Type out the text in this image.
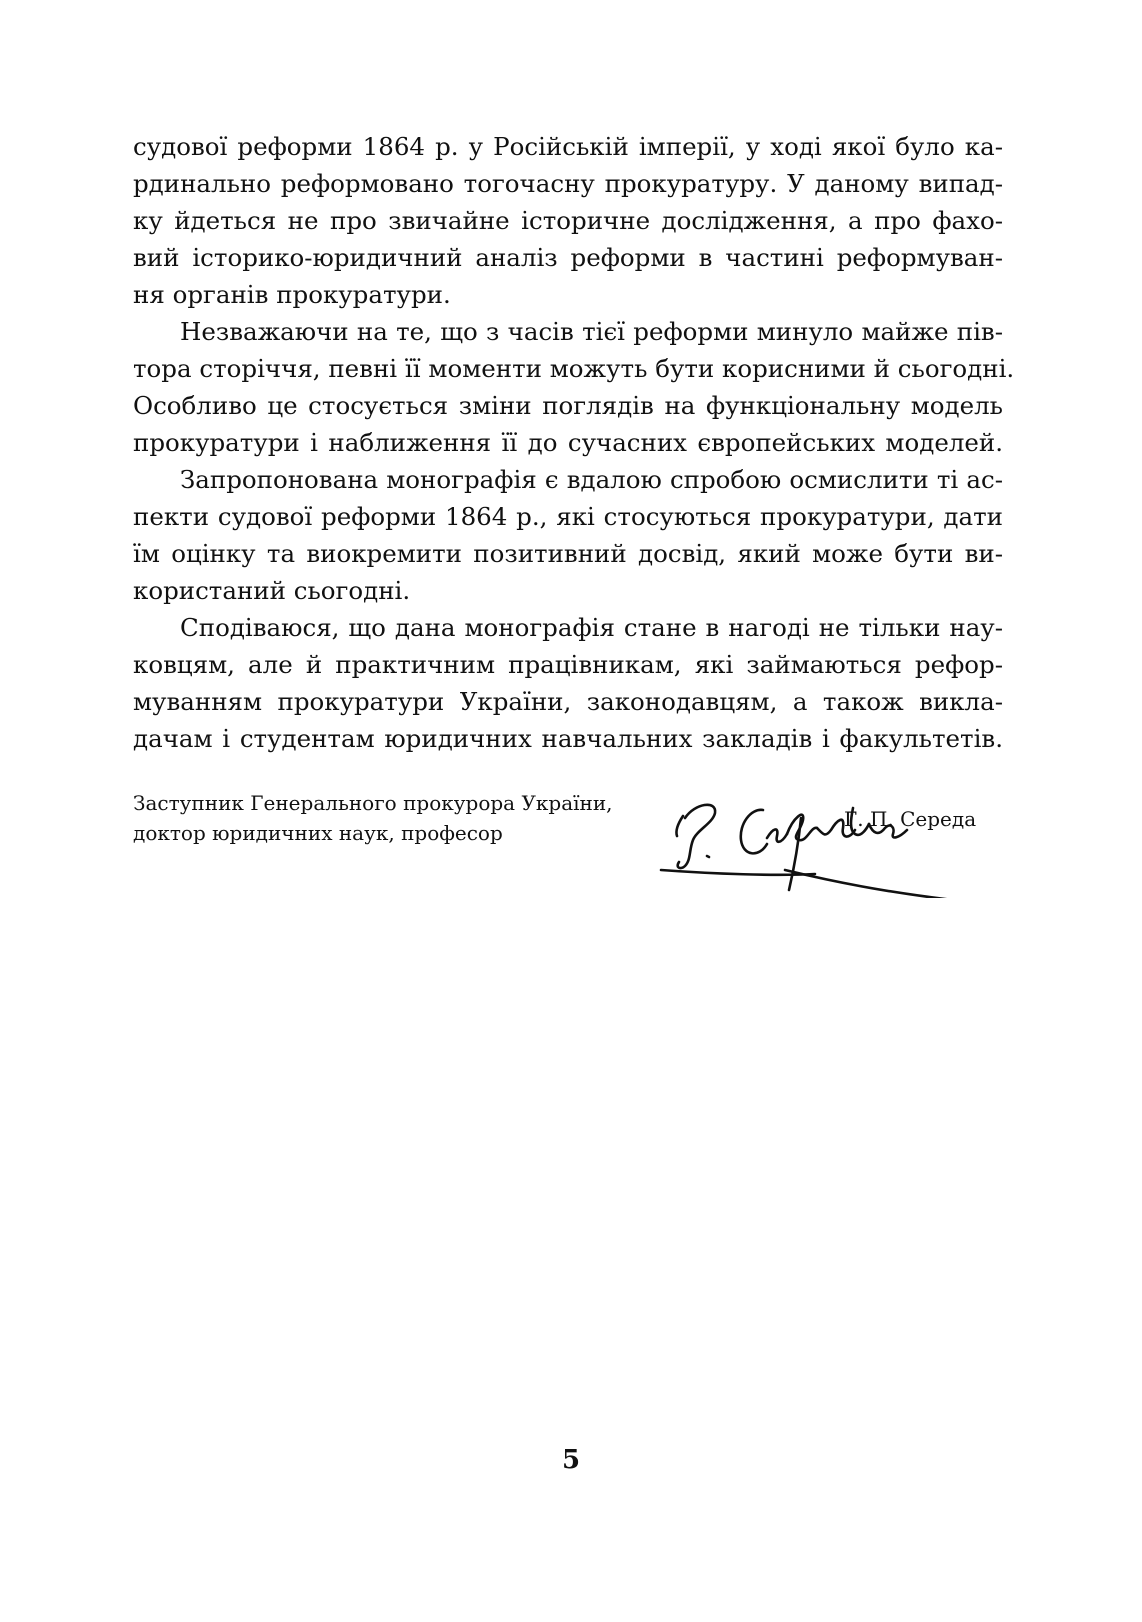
судової реформи 1864 р. у Російській імперії, у ході якої було ка-
рдинально реформовано тогочасну прокуратуру. У даному випад-
ку йдеться не про звичайне історичне дослідження, а про фахо-
вий історико-юридичний аналіз реформи в частині реформуван-
ня органів прокуратури.
Незважаючи на те, що з часів тієї реформи минуло майже пів-
тора сторіччя, певні її моменти можуть бути корисними й сьогодні.
Особливо це стосується зміни поглядів на функціональну модель
прокуратури і наближення її до сучасних європейських моделей.
Запропонована монографія є вдалою спробою осмислити ті ас-
пекти судової реформи 1864 р., які стосуються прокуратури, дати
їм оцінку та виокремити позитивний досвід, який може бути ви-
користаний сьогодні.
Сподіваюся, що дана монографія стане в нагоді не тільки нау-
ковцям, але й практичним працівникам, які займаються рефор-
муванням прокуратури України, законодавцям, а також викла-
дачам і студентам юридичних навчальних закладів і факультетів.
Заступник Генерального прокурора України,
доктор юридичних наук, професор
Г. П. Середа
5
